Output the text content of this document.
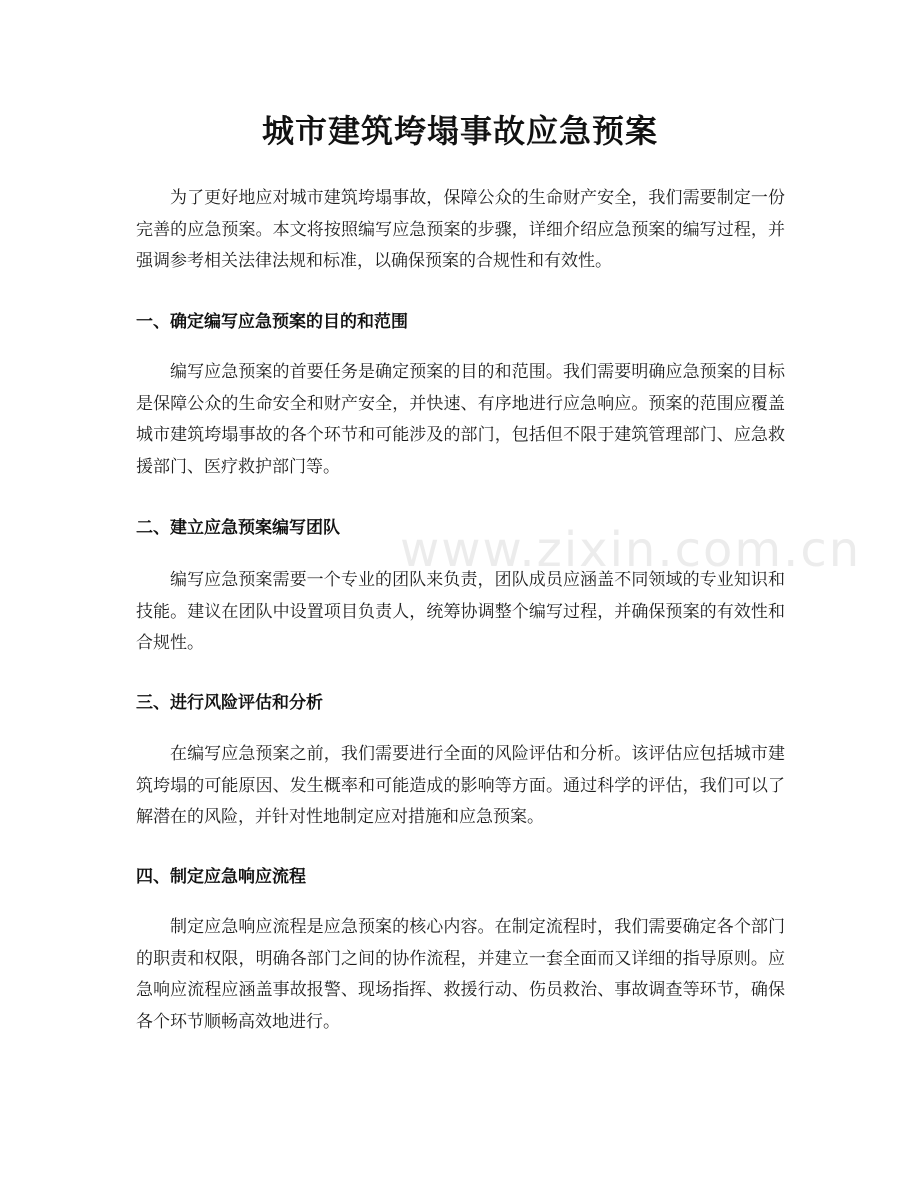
www.zixin.com.cn
城市建筑垮塌事故应急预案

为了更好地应对城市建筑垮塌事故，保障公众的生命财产安全，我们需要制定一份完善的应急预案。本文将按照编写应急预案的步骤，详细介绍应急预案的编写过程，并强调参考相关法律法规和标准，以确保预案的合规性和有效性。

一、确定编写应急预案的目的和范围

编写应急预案的首要任务是确定预案的目的和范围。我们需要明确应急预案的目标是保障公众的生命安全和财产安全，并快速、有序地进行应急响应。预案的范围应覆盖城市建筑垮塌事故的各个环节和可能涉及的部门，包括但不限于建筑管理部门、应急救援部门、医疗救护部门等。

二、建立应急预案编写团队

编写应急预案需要一个专业的团队来负责，团队成员应涵盖不同领域的专业知识和技能。建议在团队中设置项目负责人，统筹协调整个编写过程，并确保预案的有效性和合规性。

三、进行风险评估和分析

在编写应急预案之前，我们需要进行全面的风险评估和分析。该评估应包括城市建筑垮塌的可能原因、发生概率和可能造成的影响等方面。通过科学的评估，我们可以了解潜在的风险，并针对性地制定应对措施和应急预案。

四、制定应急响应流程

制定应急响应流程是应急预案的核心内容。在制定流程时，我们需要确定各个部门的职责和权限，明确各部门之间的协作流程，并建立一套全面而又详细的指导原则。应急响应流程应涵盖事故报警、现场指挥、救援行动、伤员救治、事故调查等环节，确保各个环节顺畅高效地进行。
